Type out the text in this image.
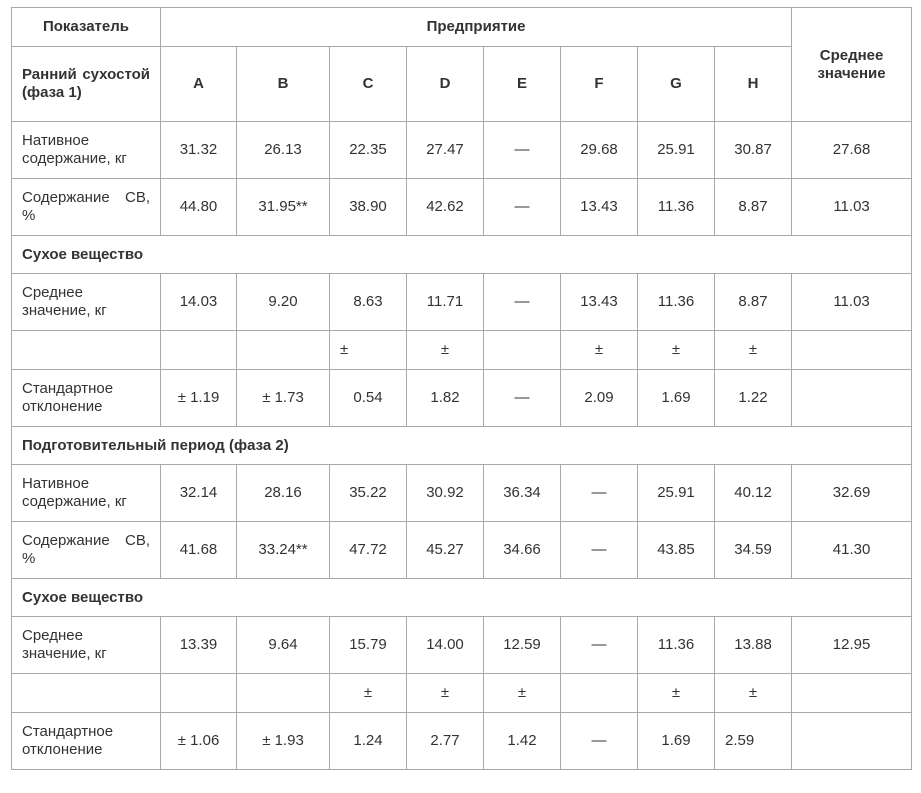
Показатель	Предприятие								Среднее значение
Ранний сухостой (фаза 1)	A	B	C	D	E	F	G	H	
Нативное содержание, кг	31.32	26.13	22.35	27.47	—	29.68	25.91	30.87	27.68
Содержание СВ, %	44.80	31.95**	38.90	42.62	—	13.43	11.36	8.87	11.03
Сухое вещество									
Среднее значение, кг	14.03	9.20	8.63	11.71	—	13.43	11.36	8.87	11.03
			±	±		±	±	±	
Стандартное отклонение	± 1.19	± 1.73	0.54	1.82	—	2.09	1.69	1.22	
Подготовительный период (фаза 2)									
Нативное содержание, кг	32.14	28.16	35.22	30.92	36.34	—	25.91	40.12	32.69
Содержание СВ, %	41.68	33.24**	47.72	45.27	34.66	—	43.85	34.59	41.30
Сухое вещество									
Среднее значение, кг	13.39	9.64	15.79	14.00	12.59	—	11.36	13.88	12.95
			±	±	±		±	±	
Стандартное отклонение	± 1.06	± 1.93	1.24	2.77	1.42	—	1.69	2.59	
